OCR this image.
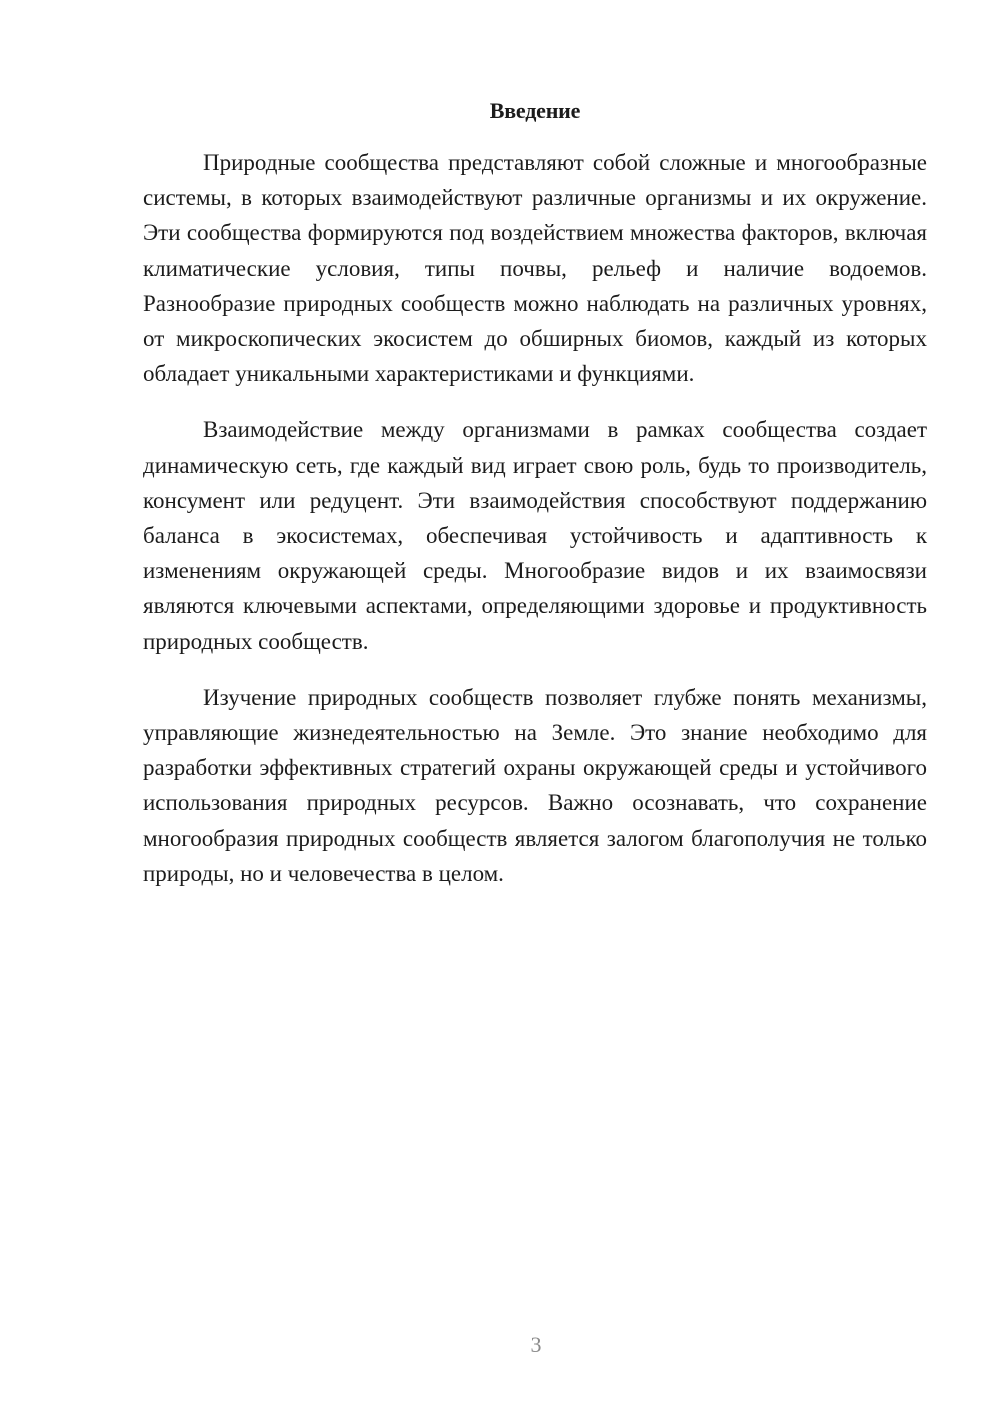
Введение

Природные сообщества представляют собой сложные и многообразные системы, в которых взаимодействуют различные организмы и их окружение. Эти сообщества формируются под воздействием множества факторов, включая климатические условия, типы почвы, рельеф и наличие водоемов. Разнообразие природных сообществ можно наблюдать на различных уровнях, от микроскопических экосистем до обширных биомов, каждый из которых обладает уникальными характеристиками и функциями.

Взаимодействие между организмами в рамках сообщества создает динамическую сеть, где каждый вид играет свою роль, будь то производитель, консумент или редуцент. Эти взаимодействия способствуют поддержанию баланса в экосистемах, обеспечивая устойчивость и адаптивность к изменениям окружающей среды. Многообразие видов и их взаимосвязи являются ключевыми аспектами, определяющими здоровье и продуктивность природных сообществ.

Изучение природных сообществ позволяет глубже понять механизмы, управляющие жизнедеятельностью на Земле. Это знание необходимо для разработки эффективных стратегий охраны окружающей среды и устойчивого использования природных ресурсов. Важно осознавать, что сохранение многообразия природных сообществ является залогом благополучия не только природы, но и человечества в целом.

3
